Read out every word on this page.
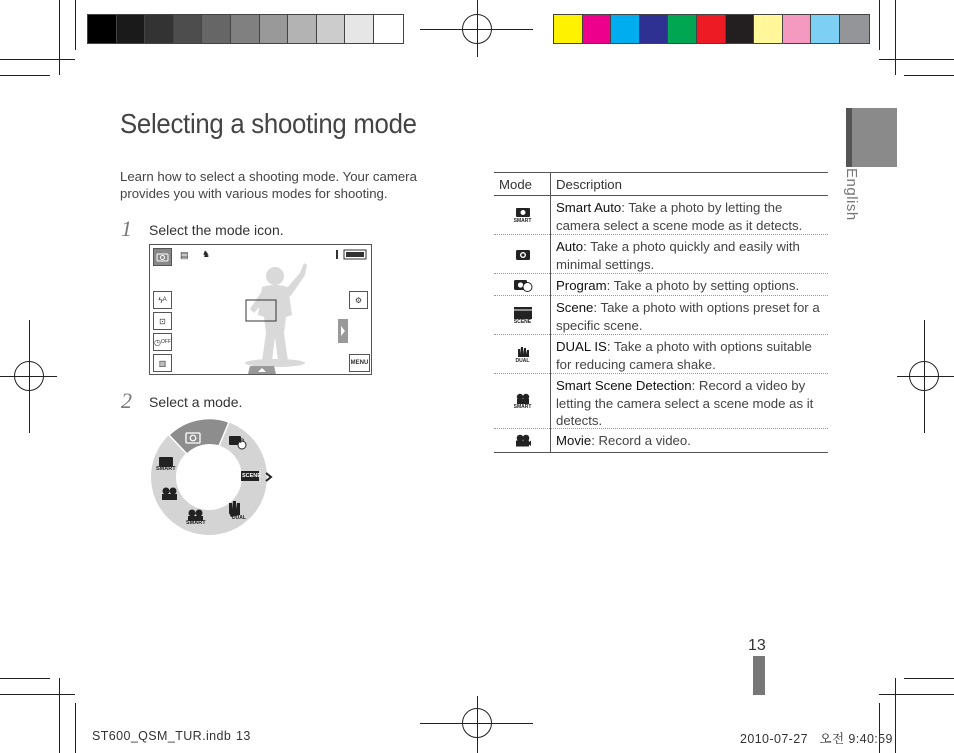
Selecting a shooting mode
Learn how to select a shooting mode. Your camera provides you with various modes for shooting.
1 Select the mode icon.
▤ ♞
ϟ A
⊡
◷ OFF
▥
⚙
MENU
2 Select a mode.
P
SMART
SCENE
DUAL
SMART
Mode Description
SMART
Smart Auto: Take a photo by letting the camera select a scene mode as it detects.
Auto: Take a photo quickly and easily with minimal settings.
Program: Take a photo by setting options.
SCENE
Scene: Take a photo with options preset for a specific scene.
DUAL
DUAL IS: Take a photo with options suitable for reducing camera shake.
SMART
Smart Scene Detection: Record a video by letting the camera select a scene mode as it detects.
Movie: Record a video.
English
13
ST600_QSM_TUR.indb 13	2010-07-27   오전 9:40:59
